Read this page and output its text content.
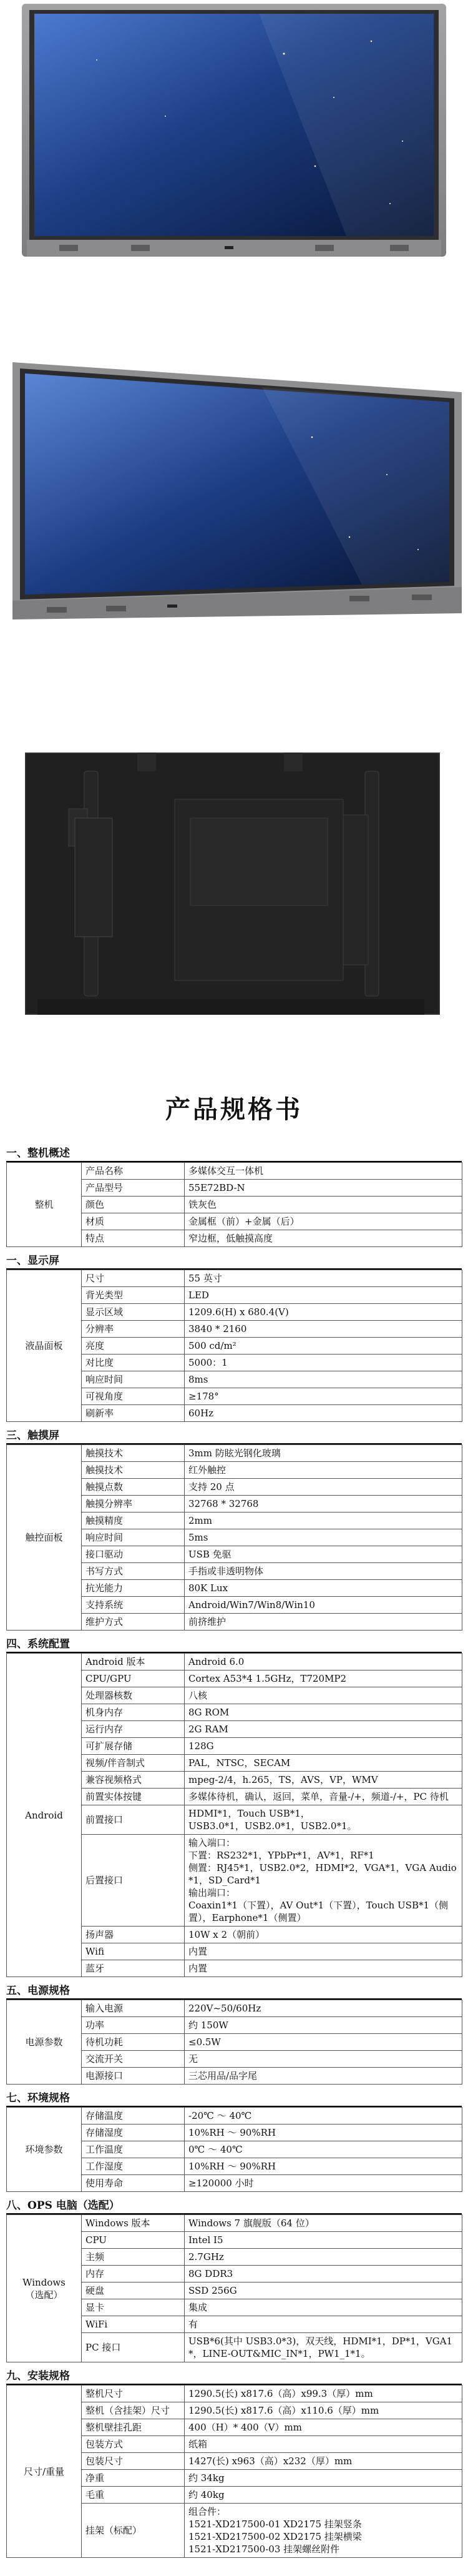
产品规格书
一、整机概述
整机	产品名称	多媒体交互一体机
	产品型号	55E72BD-N
	颜色	铁灰色
	材质	金属框（前）+金属（后）
	特点	窄边框，低触摸高度
一、显示屏
液晶面板	尺寸	55 英寸
	背光类型	LED
	显示区域	1209.6(H) x 680.4(V)
	分辨率	3840 * 2160
	亮度	500 cd/m²
	对比度	5000：1
	响应时间	8ms
	可视角度	≥178°
	刷新率	60Hz
三、触摸屏
触控面板	触摸技术	3mm 防眩光钢化玻璃
	触摸技术	红外触控
	触摸点数	支持 20 点
	触摸分辨率	32768 * 32768
	触摸精度	2mm
	响应时间	5ms
	接口驱动	USB 免驱
	书写方式	手指或非透明物体
	抗光能力	80K Lux
	支持系统	Android/Win7/Win8/Win10
	维护方式	前挤维护
四、系统配置
Android	Android 版本	Android 6.0
	CPU/GPU	Cortex A53*4 1.5GHz，T720MP2
	处理器核数	八核
	机身内存	8G ROM
	运行内存	2G RAM
	可扩展存储	128G
	视频/伴音制式	PAL，NTSC，SECAM
	兼容视频格式	mpeg-2/4，h.265，TS，AVS，VP，WMV
	前置实体按键	多媒体待机，确认，返回，菜单，音量-/+，频道-/+，PC 待机
	前置接口	HDMI*1，Touch USB*1，
USB3.0*1，USB2.0*1，USB2.0*1。
	后置接口	输入端口：
下置：RS232*1，YPbPr*1，AV*1，RF*1
侧置：RJ45*1，USB2.0*2，HDMI*2，VGA*1，VGA Audio*1，SD_Card*1
输出端口：
Coaxin1*1（下置），AV Out*1（下置），Touch USB*1（侧置），Earphone*1（侧置）
	扬声器	10W x 2（朝前）
	Wifi	内置
	蓝牙	内置
五、电源规格
电源参数	输入电源	220V~50/60Hz
	功率	约 150W
	待机功耗	≤0.5W
	交流开关	无
	电源接口	三芯用品/品字尾
七、环境规格
环境参数	存储温度	-20℃ ～ 40℃
	存储湿度	10%RH ～ 90%RH
	工作温度	0℃ ～ 40℃
	工作湿度	10%RH ～ 90%RH
	使用寿命	≥120000 小时
八、OPS 电脑（选配）
Windows
（选配）	Windows 版本	Windows 7 旗舰版（64 位）
	CPU	Intel I5
	主频	2.7GHz
	内存	8G DDR3
	硬盘	SSD 256G
	显卡	集成
	WiFi	有
	PC 接口	USB*6(其中 USB3.0*3)，双天线，HDMI*1，DP*1，VGA1*，LINE-OUT&MIC_IN*1，PW1_1*1。
九、安装规格
尺寸/重量	整机尺寸	1290.5(长) x817.6（高）x99.3（厚）mm
	整机（含挂架）尺寸	1290.5(长) x817.6（高）x110.6（厚）mm
	整机壁挂孔距	400（H）* 400（V）mm
	包装方式	纸箱
	包装尺寸	1427(长) x963（高）x232（厚）mm
	净重	约 34kg
	毛重	约 40kg
	挂架（标配）	组合件：
1521-XD217500-01 XD2175 挂架竖条
1521-XD217500-02 XD2175 挂架横梁
1521-XD217500-03 挂架螺丝附件
